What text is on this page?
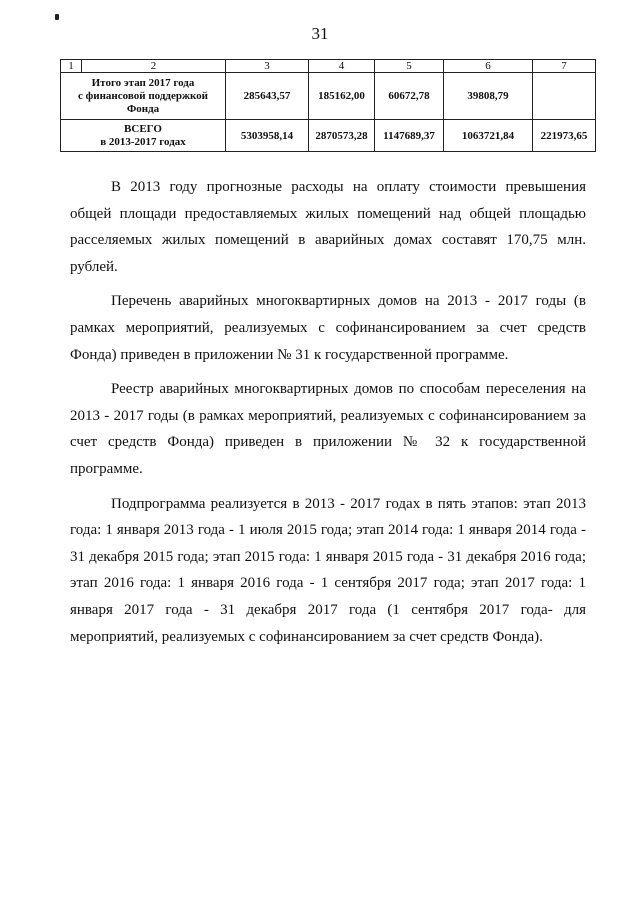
31
1	2	3	4	5	6	7

Итого этап 2017 года
с финансовой поддержкой
Фонда		285643,57	185162,00	60672,78	39808,79	

ВСЕГО
в 2013-2017 годах		5303958,14	2870573,28	1147689,37	1063721,84	221973,65

В 2013 году прогнозные расходы на оплату стоимости превышения общей площади предоставляемых жилых помещений над общей площадью расселяемых жилых помещений в аварийных домах составят 170,75 млн. рублей.

Перечень аварийных многоквартирных домов на 2013 - 2017 годы (в рамках мероприятий, реализуемых с софинансированием за счет средств Фонда) приведен в приложении № 31 к государственной программе.

Реестр аварийных многоквартирных домов по способам переселения на 2013 - 2017 годы (в рамках мероприятий, реализуемых с софинансированием за счет средств Фонда) приведен в приложении № 32 к государственной программе.

Подпрограмма реализуется в 2013 - 2017 годах в пять этапов: этап 2013 года: 1 января 2013 года - 1 июля 2015 года; этап 2014 года: 1 января 2014 года - 31 декабря 2015 года; этап 2015 года: 1 января 2015 года - 31 декабря 2016 года; этап 2016 года: 1 января 2016 года - 1 сентября 2017 года; этап 2017 года: 1 января 2017 года - 31 декабря 2017 года (1 сентября 2017 года- для мероприятий, реализуемых с софинансированием за счет средств Фонда).
